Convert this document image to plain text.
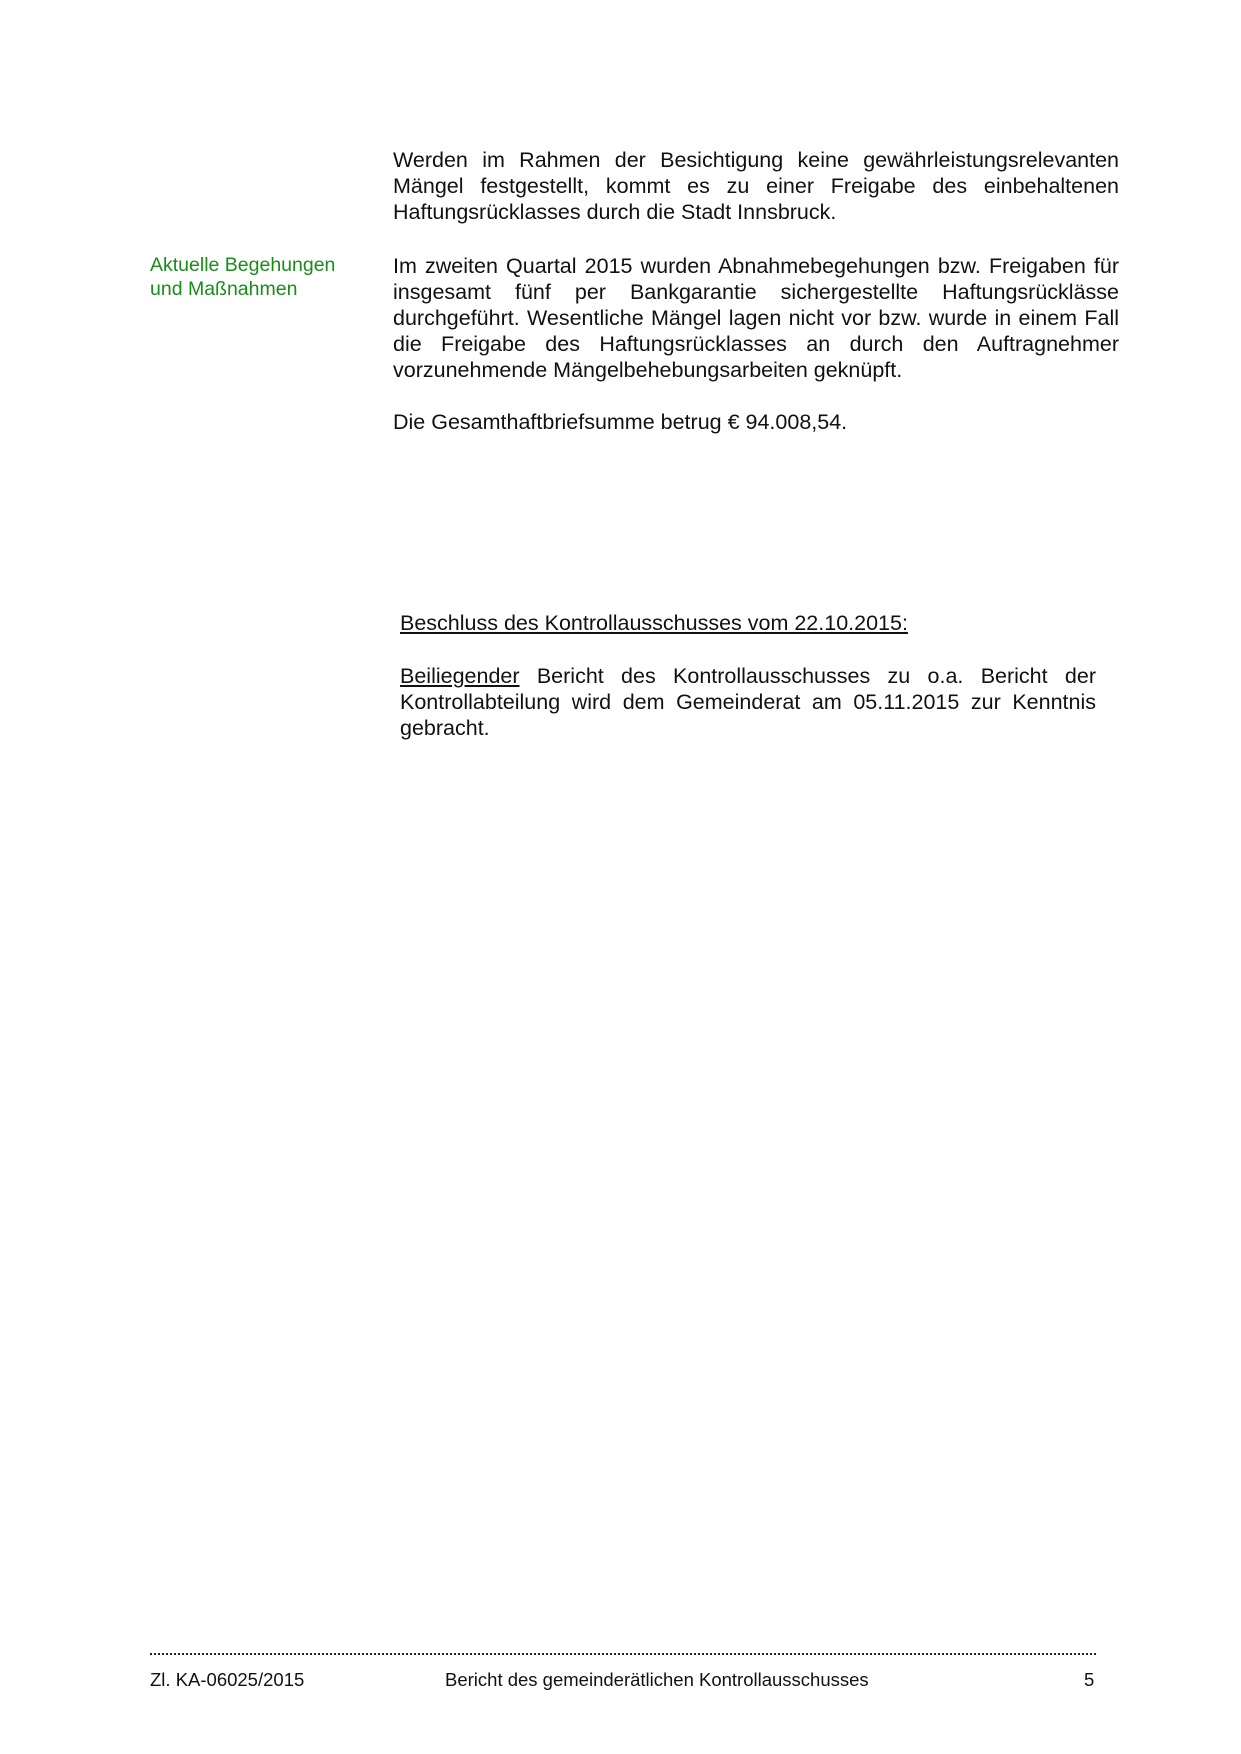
Werden im Rahmen der Besichtigung keine gewährleistungsrelevanten Mängel festgestellt, kommt es zu einer Freigabe des einbehaltenen Haftungsrücklasses durch die Stadt Innsbruck.

Aktuelle Begehungen
und Maßnahmen

Im zweiten Quartal 2015 wurden Abnahmebegehungen bzw. Freigaben für insgesamt fünf per Bankgarantie sichergestellte Haftungsrücklässe durchgeführt. Wesentliche Mängel lagen nicht vor bzw. wurde in einem Fall die Freigabe des Haftungsrücklasses an durch den Auftragnehmer vorzunehmende Mängelbehebungsarbeiten geknüpft.

Die Gesamthaftbriefsumme betrug € 94.008,54.

Beschluss des Kontrollausschusses vom 22.10.2015:

Beiliegender Bericht des Kontrollausschusses zu o.a. Bericht der Kontrollabteilung wird dem Gemeinderat am 05.11.2015 zur Kenntnis gebracht.

Zl. KA-06025/2015	Bericht des gemeinderätlichen Kontrollausschusses	5
